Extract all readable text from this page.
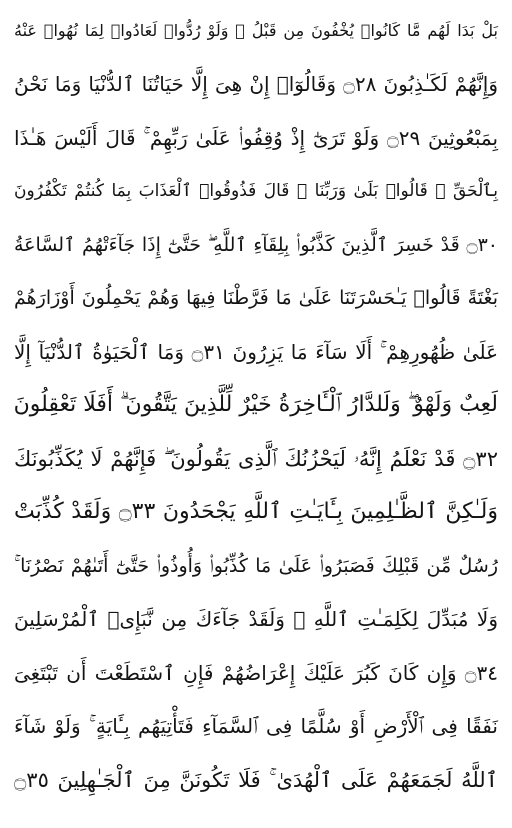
بَلْ بَدَا لَهُم مَّا كَانُوا۟ يُخْفُونَ مِن قَبْلُ ۖ وَلَوْ رُدُّوا۟ لَعَادُوا۟ لِمَا نُهُوا۟ عَنْهُ
وَإِنَّهُمْ لَكَـٰذِبُونَ ۝٢٨ وَقَالُوٓا۟ إِنْ هِىَ إِلَّا حَيَاتُنَا ٱلدُّنْيَا وَمَا نَحْنُ
بِمَبْعُوثِينَ ۝٢٩ وَلَوْ تَرَىٰٓ إِذْ وُقِفُوا۟ عَلَىٰ رَبِّهِمْ ۚ قَالَ أَلَيْسَ هَـٰذَا
بِٱلْحَقِّ ۚ قَالُوا۟ بَلَىٰ وَرَبِّنَا ۚ قَالَ فَذُوقُوا۟ ٱلْعَذَابَ بِمَا كُنتُمْ تَكْفُرُونَ
۝٣٠ قَدْ خَسِرَ ٱلَّذِينَ كَذَّبُوا۟ بِلِقَآءِ ٱللَّهِ ۖ حَتَّىٰٓ إِذَا جَآءَتْهُمُ ٱلسَّاعَةُ
بَغْتَةً قَالُوا۟ يَـٰحَسْرَتَنَا عَلَىٰ مَا فَرَّطْنَا فِيهَا وَهُمْ يَحْمِلُونَ أَوْزَارَهُمْ
عَلَىٰ ظُهُورِهِمْ ۚ أَلَا سَآءَ مَا يَزِرُونَ ۝٣١ وَمَا ٱلْحَيَوٰةُ ٱلدُّنْيَآ إِلَّا
لَعِبٌ وَلَهْوٌ ۖ وَلَلدَّارُ ٱلْـَٔاخِرَةُ خَيْرٌ لِّلَّذِينَ يَتَّقُونَ ۗ أَفَلَا تَعْقِلُونَ
۝٣٢ قَدْ نَعْلَمُ إِنَّهُۥ لَيَحْزُنُكَ ٱلَّذِى يَقُولُونَ ۖ فَإِنَّهُمْ لَا يُكَذِّبُونَكَ
وَلَـٰكِنَّ ٱلظَّـٰلِمِينَ بِـَٔايَـٰتِ ٱللَّهِ يَجْحَدُونَ ۝٣٣ وَلَقَدْ كُذِّبَتْ
رُسُلٌ مِّن قَبْلِكَ فَصَبَرُوا۟ عَلَىٰ مَا كُذِّبُوا۟ وَأُوذُوا۟ حَتَّىٰٓ أَتَىٰهُمْ نَصْرُنَا ۚ
وَلَا مُبَدِّلَ لِكَلِمَـٰتِ ٱللَّهِ ۚ وَلَقَدْ جَآءَكَ مِن نَّبَإِى۟ ٱلْمُرْسَلِينَ
۝٣٤ وَإِن كَانَ كَبُرَ عَلَيْكَ إِعْرَاضُهُمْ فَإِنِ ٱسْتَطَعْتَ أَن تَبْتَغِىَ
نَفَقًا فِى ٱلْأَرْضِ أَوْ سُلَّمًا فِى ٱلسَّمَآءِ فَتَأْتِيَهُم بِـَٔايَةٍ ۚ وَلَوْ شَآءَ
ٱللَّهُ لَجَمَعَهُمْ عَلَى ٱلْهُدَىٰ ۚ فَلَا تَكُونَنَّ مِنَ ٱلْجَـٰهِلِينَ ۝٣٥
